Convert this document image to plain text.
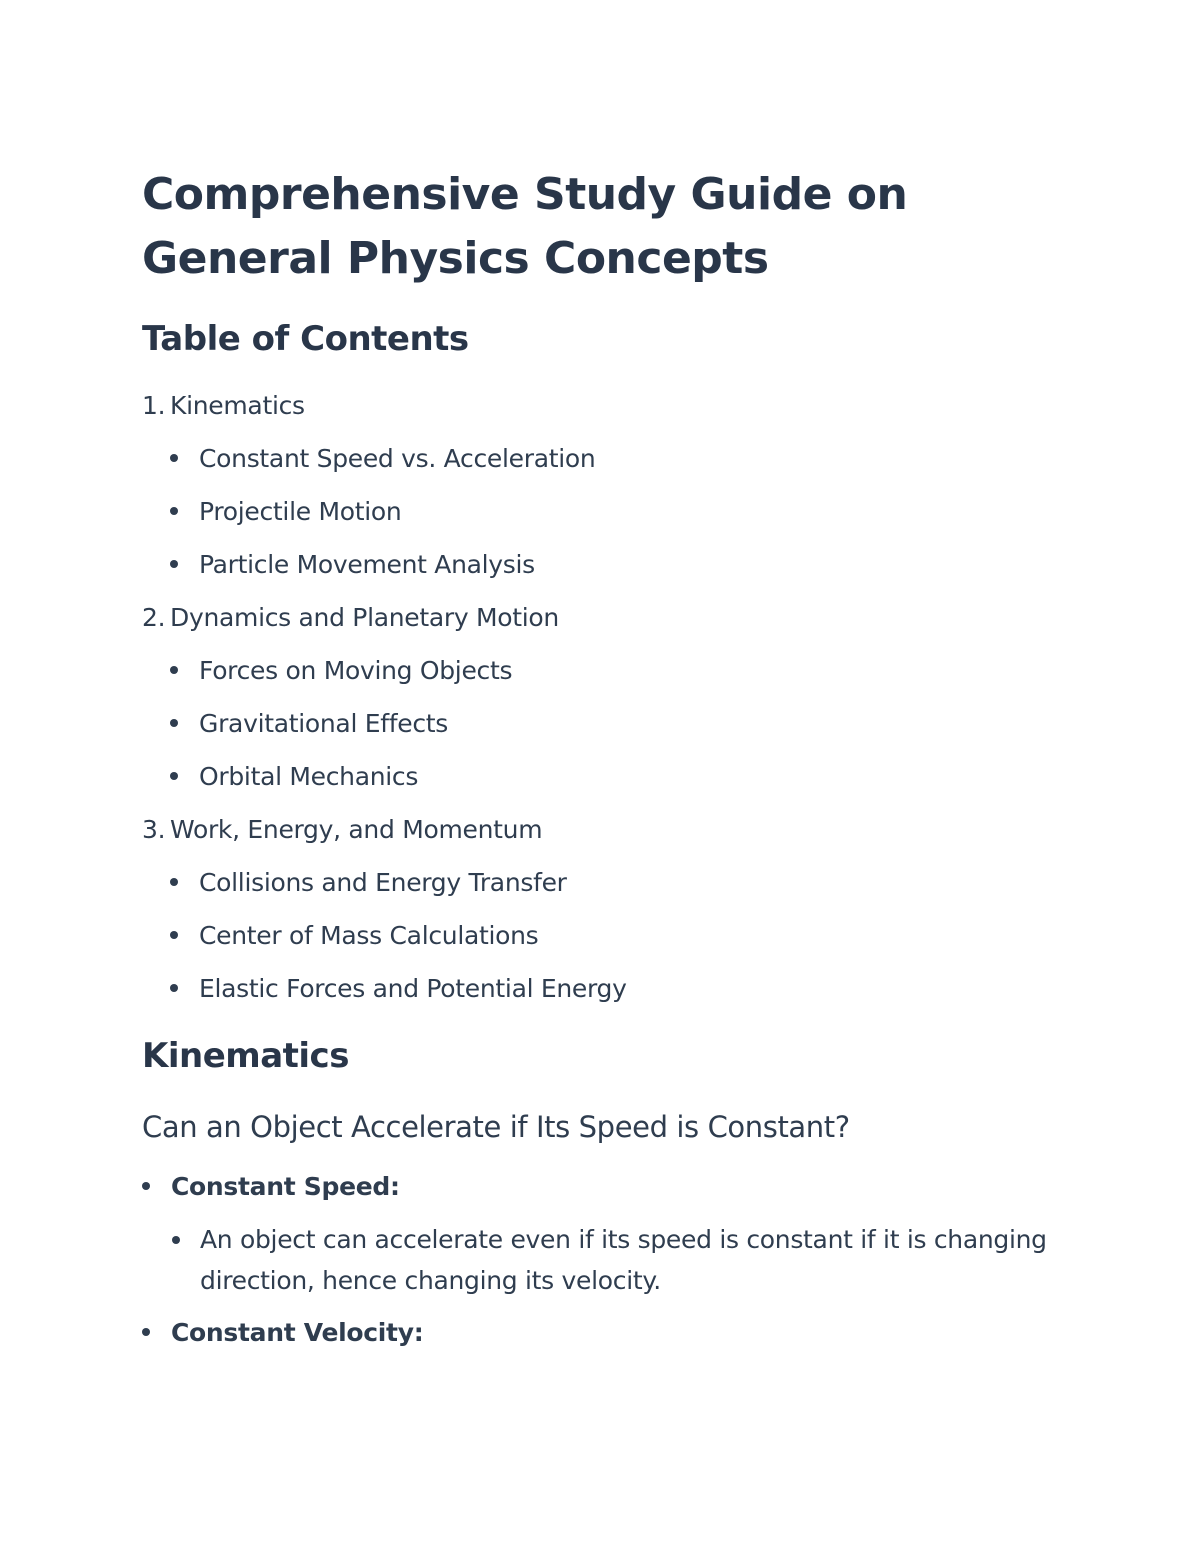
Comprehensive Study Guide on General Physics Concepts
Table of Contents
1. Kinematics
Constant Speed vs. Acceleration
Projectile Motion
Particle Movement Analysis
2. Dynamics and Planetary Motion
Forces on Moving Objects
Gravitational Effects
Orbital Mechanics
3. Work, Energy, and Momentum
Collisions and Energy Transfer
Center of Mass Calculations
Elastic Forces and Potential Energy
Kinematics
Can an Object Accelerate if Its Speed is Constant?
Constant Speed:
An object can accelerate even if its speed is constant if it is changing direction, hence changing its velocity.
Constant Velocity:
